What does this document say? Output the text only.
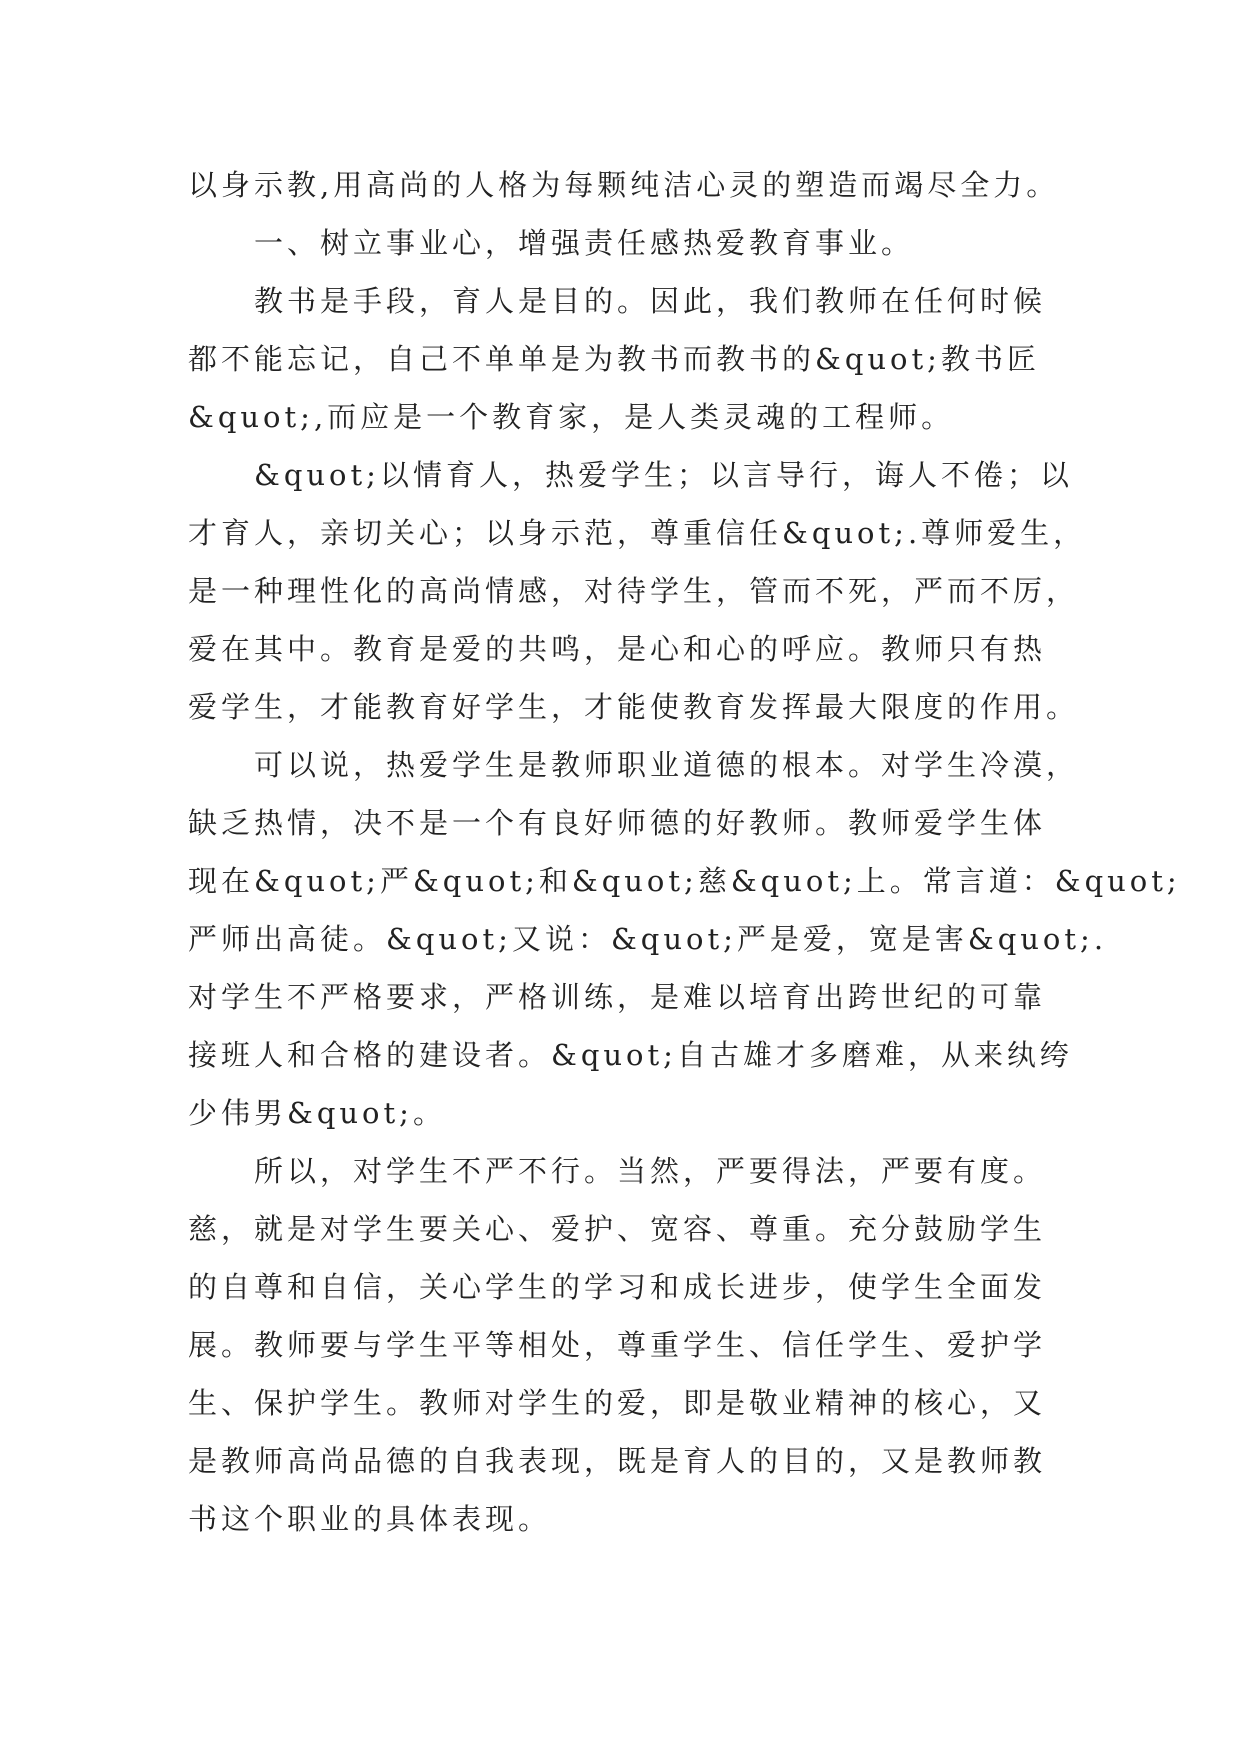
以身示教,用高尚的人格为每颗纯洁心灵的塑造而竭尽全力。
一、树立事业心，增强责任感热爱教育事业。
教书是手段，育人是目的。因此，我们教师在任何时候
都不能忘记，自己不单单是为教书而教书的&quot;教书匠
&quot;,而应是一个教育家，是人类灵魂的工程师。
&quot;以情育人，热爱学生；以言导行，诲人不倦；以
才育人，亲切关心；以身示范，尊重信任&quot;.尊师爱生，
是一种理性化的高尚情感，对待学生，管而不死，严而不厉，
爱在其中。教育是爱的共鸣，是心和心的呼应。教师只有热
爱学生，才能教育好学生，才能使教育发挥最大限度的作用。
可以说，热爱学生是教师职业道德的根本。对学生冷漠，
缺乏热情，决不是一个有良好师德的好教师。教师爱学生体
现在&quot;严&quot;和&quot;慈&quot;上。常言道：&quot;
严师出高徒。&quot;又说：&quot;严是爱，宽是害&quot;.
对学生不严格要求，严格训练，是难以培育出跨世纪的可靠
接班人和合格的建设者。&quot;自古雄才多磨难，从来纨绔
少伟男&quot;。
所以，对学生不严不行。当然，严要得法，严要有度。
慈，就是对学生要关心、爱护、宽容、尊重。充分鼓励学生
的自尊和自信，关心学生的学习和成长进步，使学生全面发
展。教师要与学生平等相处，尊重学生、信任学生、爱护学
生、保护学生。教师对学生的爱，即是敬业精神的核心，又
是教师高尚品德的自我表现，既是育人的目的，又是教师教
书这个职业的具体表现。
